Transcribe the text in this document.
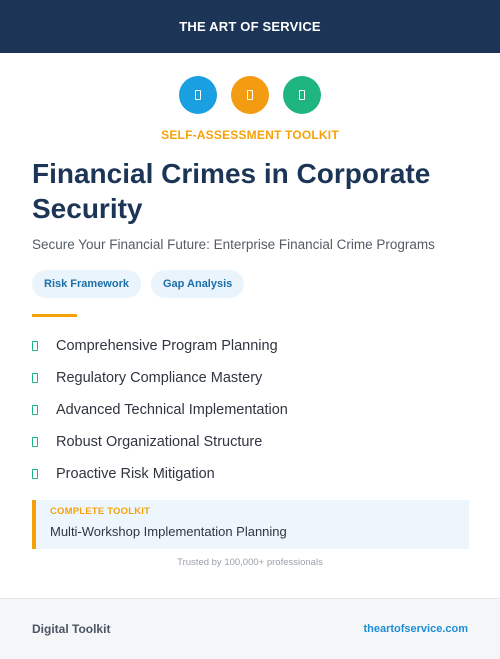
THE ART OF SERVICE
SELF-ASSESSMENT TOOLKIT
Financial Crimes in Corporate Security
Secure Your Financial Future: Enterprise Financial Crime Programs
Risk Framework	Gap Analysis
Comprehensive Program Planning
Regulatory Compliance Mastery
Advanced Technical Implementation
Robust Organizational Structure
Proactive Risk Mitigation
COMPLETE TOOLKIT
Multi-Workshop Implementation Planning
Trusted by 100,000+ professionals
Digital Toolkit	theartofservice.com
